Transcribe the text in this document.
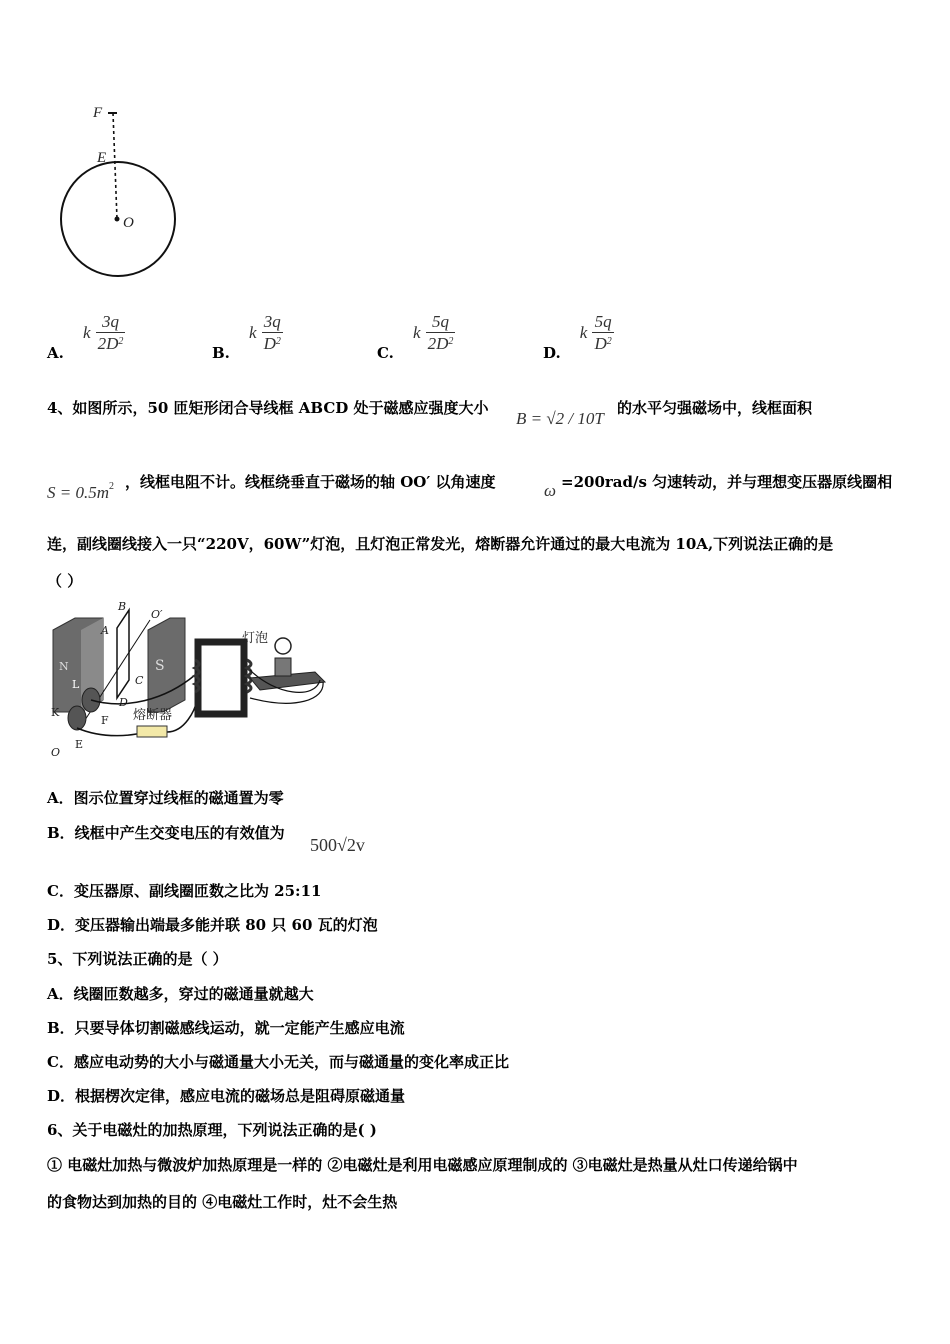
F
E
O
A. k $\frac{3q}{2D^2}$	B. k $\frac{3q}{D^2}$	C. k $\frac{5q}{2D^2}$	D. k $\frac{5q}{D^2}$
4、如图所示，50 匝矩形闭合导线框 ABCD 处于磁感应强度大小
B = √2 / 10T
的水平匀强磁场中，线框面积
$S = 0.5m^2$ ，线框电阻不计。线框绕垂直于磁场的轴 OO′ 以角速度	ω =200rad/s 匀速转动，并与理想变压器原线圈相
连，副线圈线接入一只“220V，60W”灯泡，且灯泡正常发光，熔断器允许通过的最大电流为 10A,下列说法正确的是
（ ）
N	S
B
A
O′
C
D
L
K
F
E
O
熔断器
灯泡
A．图示位置穿过线框的磁通置为零
B．线框中产生交变电压的有效值为
500√2v
C．变压器原、副线圈匝数之比为 25:11
D．变压器输出端最多能并联 80 只 60 瓦的灯泡
5、下列说法正确的是（ ）
A．线圈匝数越多，穿过的磁通量就越大
B．只要导体切割磁感线运动，就一定能产生感应电流
C．感应电动势的大小与磁通量大小无关，而与磁通量的变化率成正比
D．根据楞次定律，感应电流的磁场总是阻碍原磁通量
6、关于电磁灶的加热原理，下列说法正确的是( )
① 电磁灶加热与微波炉加热原理是一样的 ②电磁灶是利用电磁感应原理制成的 ③电磁灶是热量从灶口传递给锅中
的食物达到加热的目的 ④电磁灶工作时，灶不会生热
